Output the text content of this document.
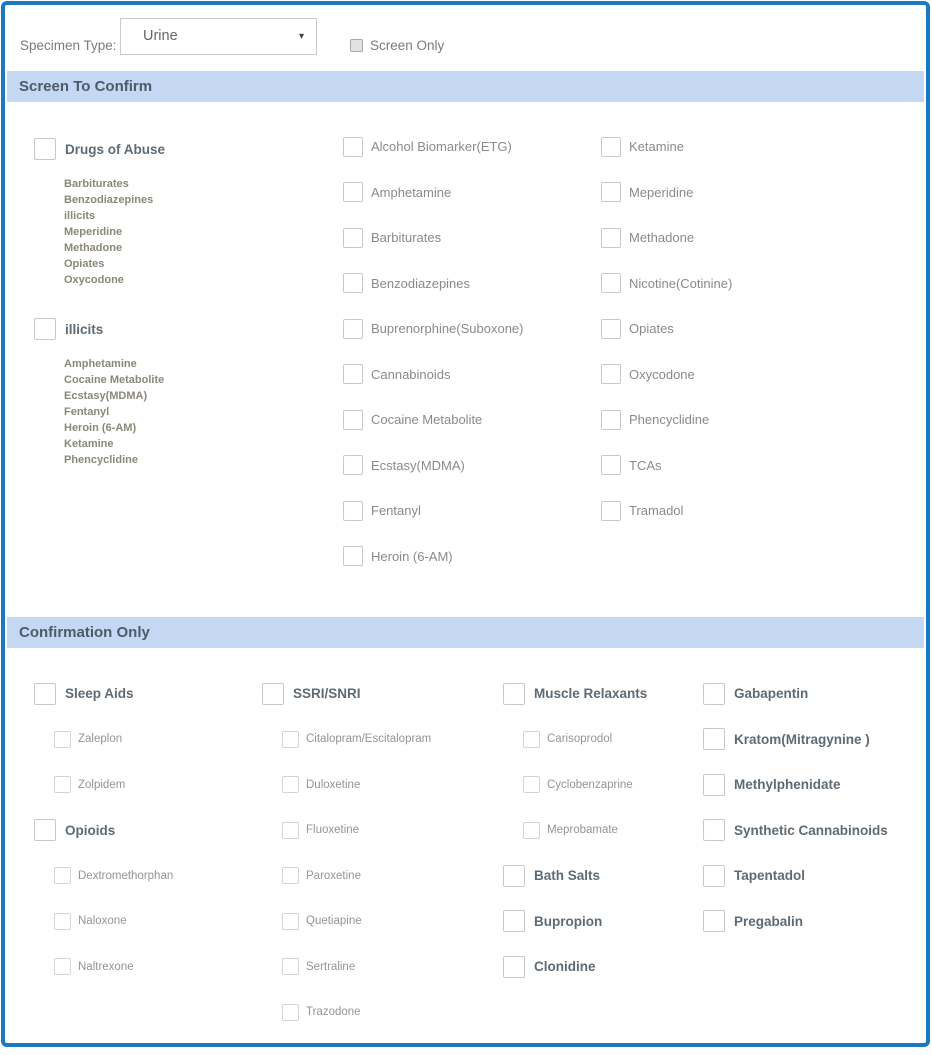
Specimen Type:
Urine	▾
Screen Only
Screen To Confirm
Drugs of Abuse
Barbiturates
Benzodiazepines
illicits
Meperidine
Methadone
Opiates
Oxycodone
illicits
Amphetamine
Cocaine Metabolite
Ecstasy(MDMA)
Fentanyl
Heroin (6-AM)
Ketamine
Phencyclidine
Alcohol Biomarker(ETG)
Amphetamine
Barbiturates
Benzodiazepines
Buprenorphine(Suboxone)
Cannabinoids
Cocaine Metabolite
Ecstasy(MDMA)
Fentanyl
Heroin (6-AM)
Ketamine
Meperidine
Methadone
Nicotine(Cotinine)
Opiates
Oxycodone
Phencyclidine
TCAs
Tramadol
Confirmation Only
Sleep Aids
Zaleplon
Zolpidem
Opioids
Dextromethorphan
Naloxone
Naltrexone
SSRI/SNRI
Citalopram/Escitalopram
Duloxetine
Fluoxetine
Paroxetine
Quetiapine
Sertraline
Trazodone
Muscle Relaxants
Carisoprodol
Cyclobenzaprine
Meprobamate
Bath Salts
Bupropion
Clonidine
Gabapentin
Kratom(Mitragynine )
Methylphenidate
Synthetic Cannabinoids
Tapentadol
Pregabalin
